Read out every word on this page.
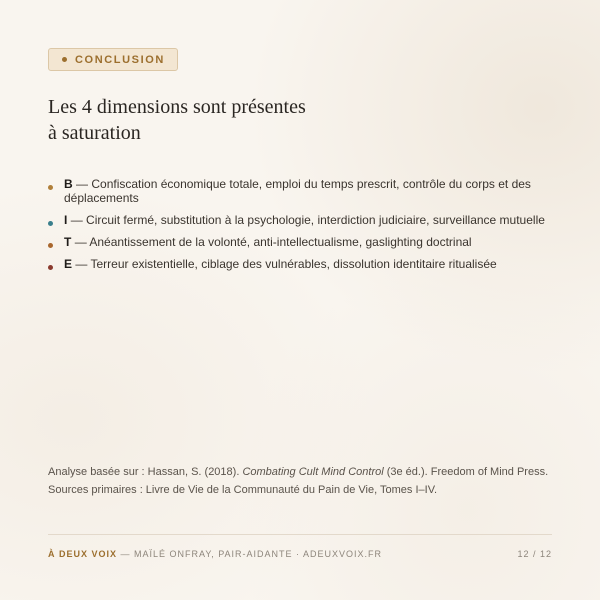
CONCLUSION
Les 4 dimensions sont présentes
à saturation
B — Confiscation économique totale, emploi du temps prescrit, contrôle du corps et des déplacements
I — Circuit fermé, substitution à la psychologie, interdiction judiciaire, surveillance mutuelle
T — Anéantissement de la volonté, anti-intellectualisme, gaslighting doctrinal
E — Terreur existentielle, ciblage des vulnérables, dissolution identitaire ritualisée

Analyse basée sur : Hassan, S. (2018). Combating Cult Mind Control (3e éd.). Freedom of Mind Press.

Sources primaires : Livre de Vie de la Communauté du Pain de Vie, Tomes I–IV.

À DEUX VOIX — MAÏLÉ ONFRAY, PAIR-AIDANTE · ADEUXVOIX.FR	12 / 12
